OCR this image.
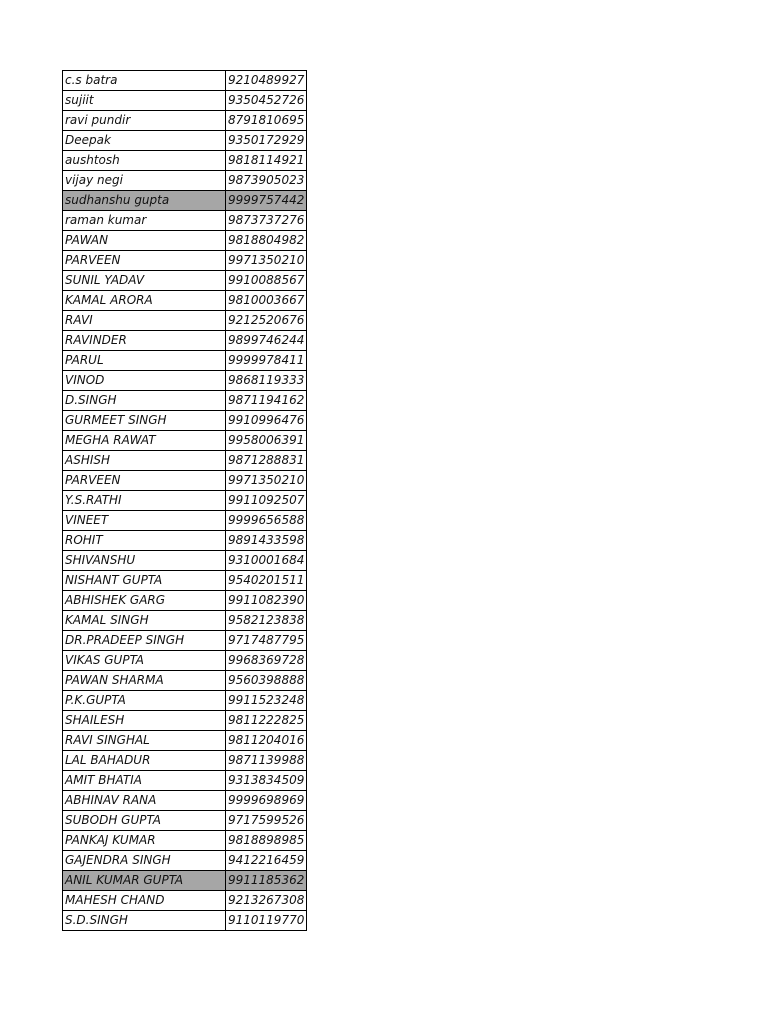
c.s batra	9210489927
sujiit	9350452726
ravi pundir	8791810695
Deepak	9350172929
aushtosh	9818114921
vijay negi	9873905023
sudhanshu gupta	9999757442
raman kumar	9873737276
PAWAN	9818804982
PARVEEN	9971350210
SUNIL YADAV	9910088567
KAMAL ARORA	9810003667
RAVI	9212520676
RAVINDER	9899746244
PARUL	9999978411
VINOD	9868119333
D.SINGH	9871194162
GURMEET SINGH	9910996476
MEGHA RAWAT	9958006391
ASHISH	9871288831
PARVEEN	9971350210
Y.S.RATHI	9911092507
VINEET	9999656588
ROHIT	9891433598
SHIVANSHU	9310001684
NISHANT GUPTA	9540201511
ABHISHEK GARG	9911082390
KAMAL SINGH	9582123838
DR.PRADEEP SINGH	9717487795
VIKAS GUPTA	9968369728
PAWAN SHARMA	9560398888
P.K.GUPTA	9911523248
SHAILESH	9811222825
RAVI SINGHAL	9811204016
LAL BAHADUR	9871139988
AMIT BHATIA	9313834509
ABHINAV RANA	9999698969
SUBODH GUPTA	9717599526
PANKAJ KUMAR	9818898985
GAJENDRA SINGH	9412216459
ANIL KUMAR GUPTA	9911185362
MAHESH CHAND	9213267308
S.D.SINGH	9110119770
